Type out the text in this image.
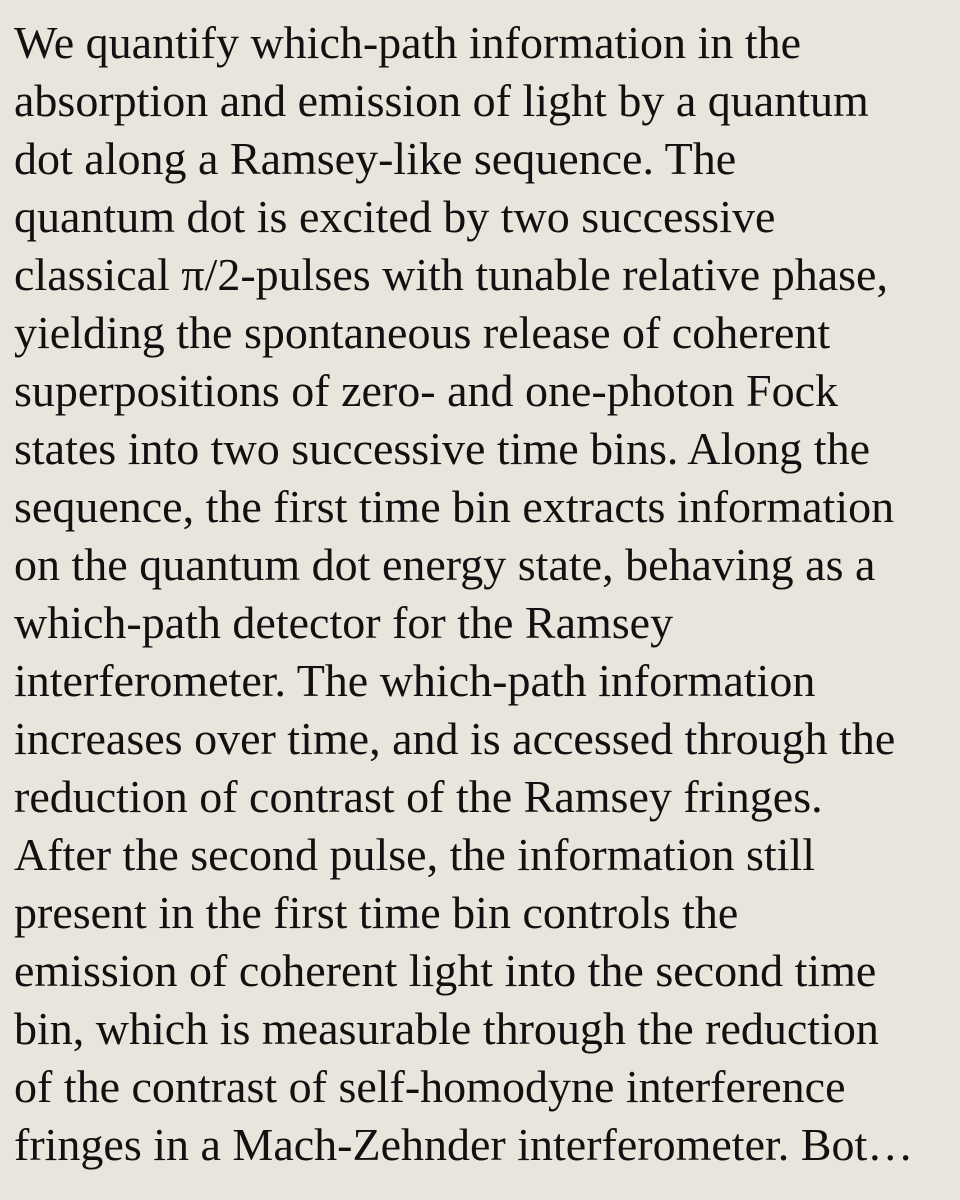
We quantify which-path information in the
absorption and emission of light by a quantum
dot along a Ramsey-like sequence. The
quantum dot is excited by two successive
classical π/2-pulses with tunable relative phase,
yielding the spontaneous release of coherent
superpositions of zero- and one-photon Fock
states into two successive time bins. Along the
sequence, the first time bin extracts information
on the quantum dot energy state, behaving as a
which-path detector for the Ramsey
interferometer. The which-path information
increases over time, and is accessed through the
reduction of contrast of the Ramsey fringes.
After the second pulse, the information still
present in the first time bin controls the
emission of coherent light into the second time
bin, which is measurable through the reduction
of the contrast of self-homodyne interference
fringes in a Mach-Zehnder interferometer. Bot…
